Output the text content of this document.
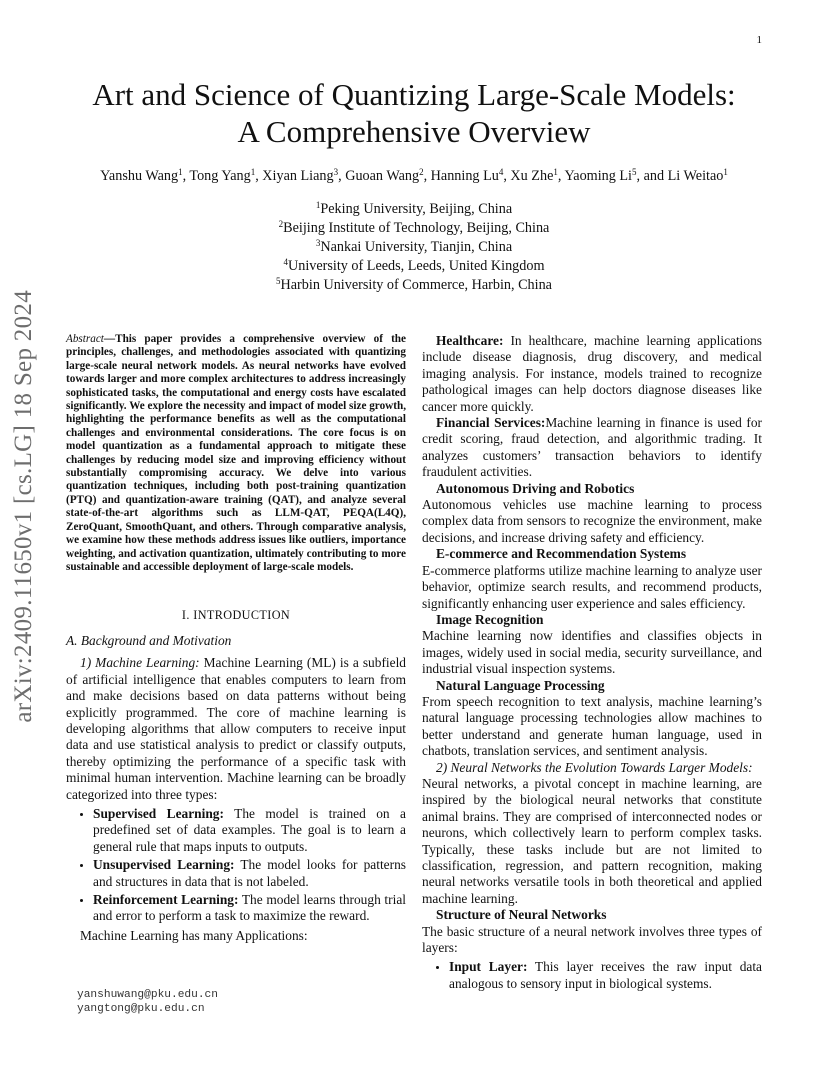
1
arXiv:2409.11650v1 [cs.LG] 18 Sep 2024
Art and Science of Quantizing Large-Scale Models:
A Comprehensive Overview
Yanshu Wang$^1$, Tong Yang$^1$, Xiyan Liang$^3$, Guoan Wang$^2$, Hanning Lu$^4$, Xu Zhe$^1$, Yaoming Li$^5$, and Li Weitao$^1$
$^1$Peking University, Beijing, China
$^2$Beijing Institute of Technology, Beijing, China
$^3$Nankai University, Tianjin, China
$^4$University of Leeds, Leeds, United Kingdom
$^5$Harbin University of Commerce, Harbin, China

Abstract—This paper provides a comprehensive overview of the principles, challenges, and methodologies associated with quantizing large-scale neural network models. As neural networks have evolved towards larger and more complex architectures to address increasingly sophisticated tasks, the computational and energy costs have escalated significantly. We explore the necessity and impact of model size growth, highlighting the performance benefits as well as the computational challenges and environmental considerations. The core focus is on model quantization as a fundamental approach to mitigate these challenges by reducing model size and improving efficiency without substantially compromising accuracy. We delve into various quantization techniques, including both post-training quantization (PTQ) and quantization-aware training (QAT), and analyze several state-of-the-art algorithms such as LLM-QAT, PEQA(L4Q), ZeroQuant, SmoothQuant, and others. Through comparative analysis, we examine how these methods address issues like outliers, importance weighting, and activation quantization, ultimately contributing to more sustainable and accessible deployment of large-scale models.

I. INTRODUCTION
A. Background and Motivation

1) Machine Learning: Machine Learning (ML) is a subfield of artificial intelligence that enables computers to learn from and make decisions based on data patterns without being explicitly programmed. The core of machine learning is developing algorithms that allow computers to receive input data and use statistical analysis to predict or classify outputs, thereby optimizing the performance of a specific task with minimal human intervention. Machine learning can be broadly categorized into three types:

• Supervised Learning: The model is trained on a predefined set of data examples. The goal is to learn a general rule that maps inputs to outputs.
• Unsupervised Learning: The model looks for patterns and structures in data that is not labeled.
• Reinforcement Learning: The model learns through trial and error to perform a task to maximize the reward.

Machine Learning has many Applications:

yanshuwang@pku.edu.cn
yangtong@pku.edu.cn

Healthcare: In healthcare, machine learning applications include disease diagnosis, drug discovery, and medical imaging analysis. For instance, models trained to recognize pathological images can help doctors diagnose diseases like cancer more quickly.

Financial Services:Machine learning in finance is used for credit scoring, fraud detection, and algorithmic trading. It analyzes customers’ transaction behaviors to identify fraudulent activities.

Autonomous Driving and Robotics

Autonomous vehicles use machine learning to process complex data from sensors to recognize the environment, make decisions, and increase driving safety and efficiency.

E-commerce and Recommendation Systems

E-commerce platforms utilize machine learning to analyze user behavior, optimize search results, and recommend products, significantly enhancing user experience and sales efficiency.

Image Recognition

Machine learning now identifies and classifies objects in images, widely used in social media, security surveillance, and industrial visual inspection systems.

Natural Language Processing

From speech recognition to text analysis, machine learning’s natural language processing technologies allow machines to better understand and generate human language, used in chatbots, translation services, and sentiment analysis.

2) Neural Networks the Evolution Towards Larger Models:

Neural networks, a pivotal concept in machine learning, are inspired by the biological neural networks that constitute animal brains. They are comprised of interconnected nodes or neurons, which collectively learn to perform complex tasks. Typically, these tasks include but are not limited to classification, regression, and pattern recognition, making neural networks versatile tools in both theoretical and applied machine learning.

Structure of Neural Networks

The basic structure of a neural network involves three types of layers:

• Input Layer: This layer receives the raw input data analogous to sensory input in biological systems.
